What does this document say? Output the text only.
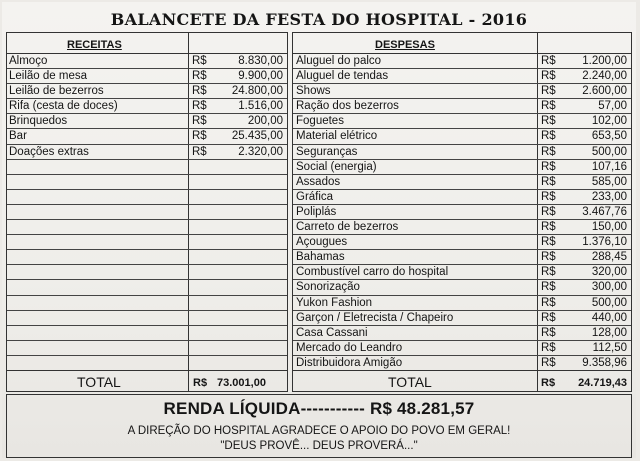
BALANCETE DA FESTA DO HOSPITAL - 2016
RECEITAS
Almoço	R$	8.830,00
Leilão de mesa	R$	9.900,00
Leilão de bezerros	R$ 24.800,00
Rifa (cesta de doces)	R$	1.516,00
Brinquedos	R$	200,00
Bar	R$ 25.435,00
Doações extras	R$	2.320,00
TOTAL	R$ 73.001,00
DESPESAS
Aluguel do palco	R$ 1.200,00
Aluguel de tendas	R$ 2.240,00
Shows	R$ 2.600,00
Ração dos bezerros	R$	57,00
Foguetes	R$	102,00
Material elétrico	R$	653,50
Seguranças	R$	500,00
Social (energia)	R$	107,16
Assados	R$	585,00
Gráfica	R$	233,00
Poliplás	R$ 3.467,76
Carreto de bezerros	R$	150,00
Açougues	R$ 1.376,10
Bahamas	R$	288,45
Combustível carro do hospital	R$	320,00
Sonorização	R$	300,00
Yukon Fashion	R$	500,00
Garçon / Eletrecista / Chapeiro	R$	440,00
Casa Cassani	R$	128,00
Mercado do Leandro	R$	112,50
Distribuidora Amigão	R$ 9.358,96
TOTAL	R$ 24.719,43
RENDA LÍQUIDA----------- R$ 48.281,57
A DIREÇÃO DO HOSPITAL AGRADECE O APOIO DO POVO EM GERAL!
"DEUS PROVÊ... DEUS PROVERÁ..."
